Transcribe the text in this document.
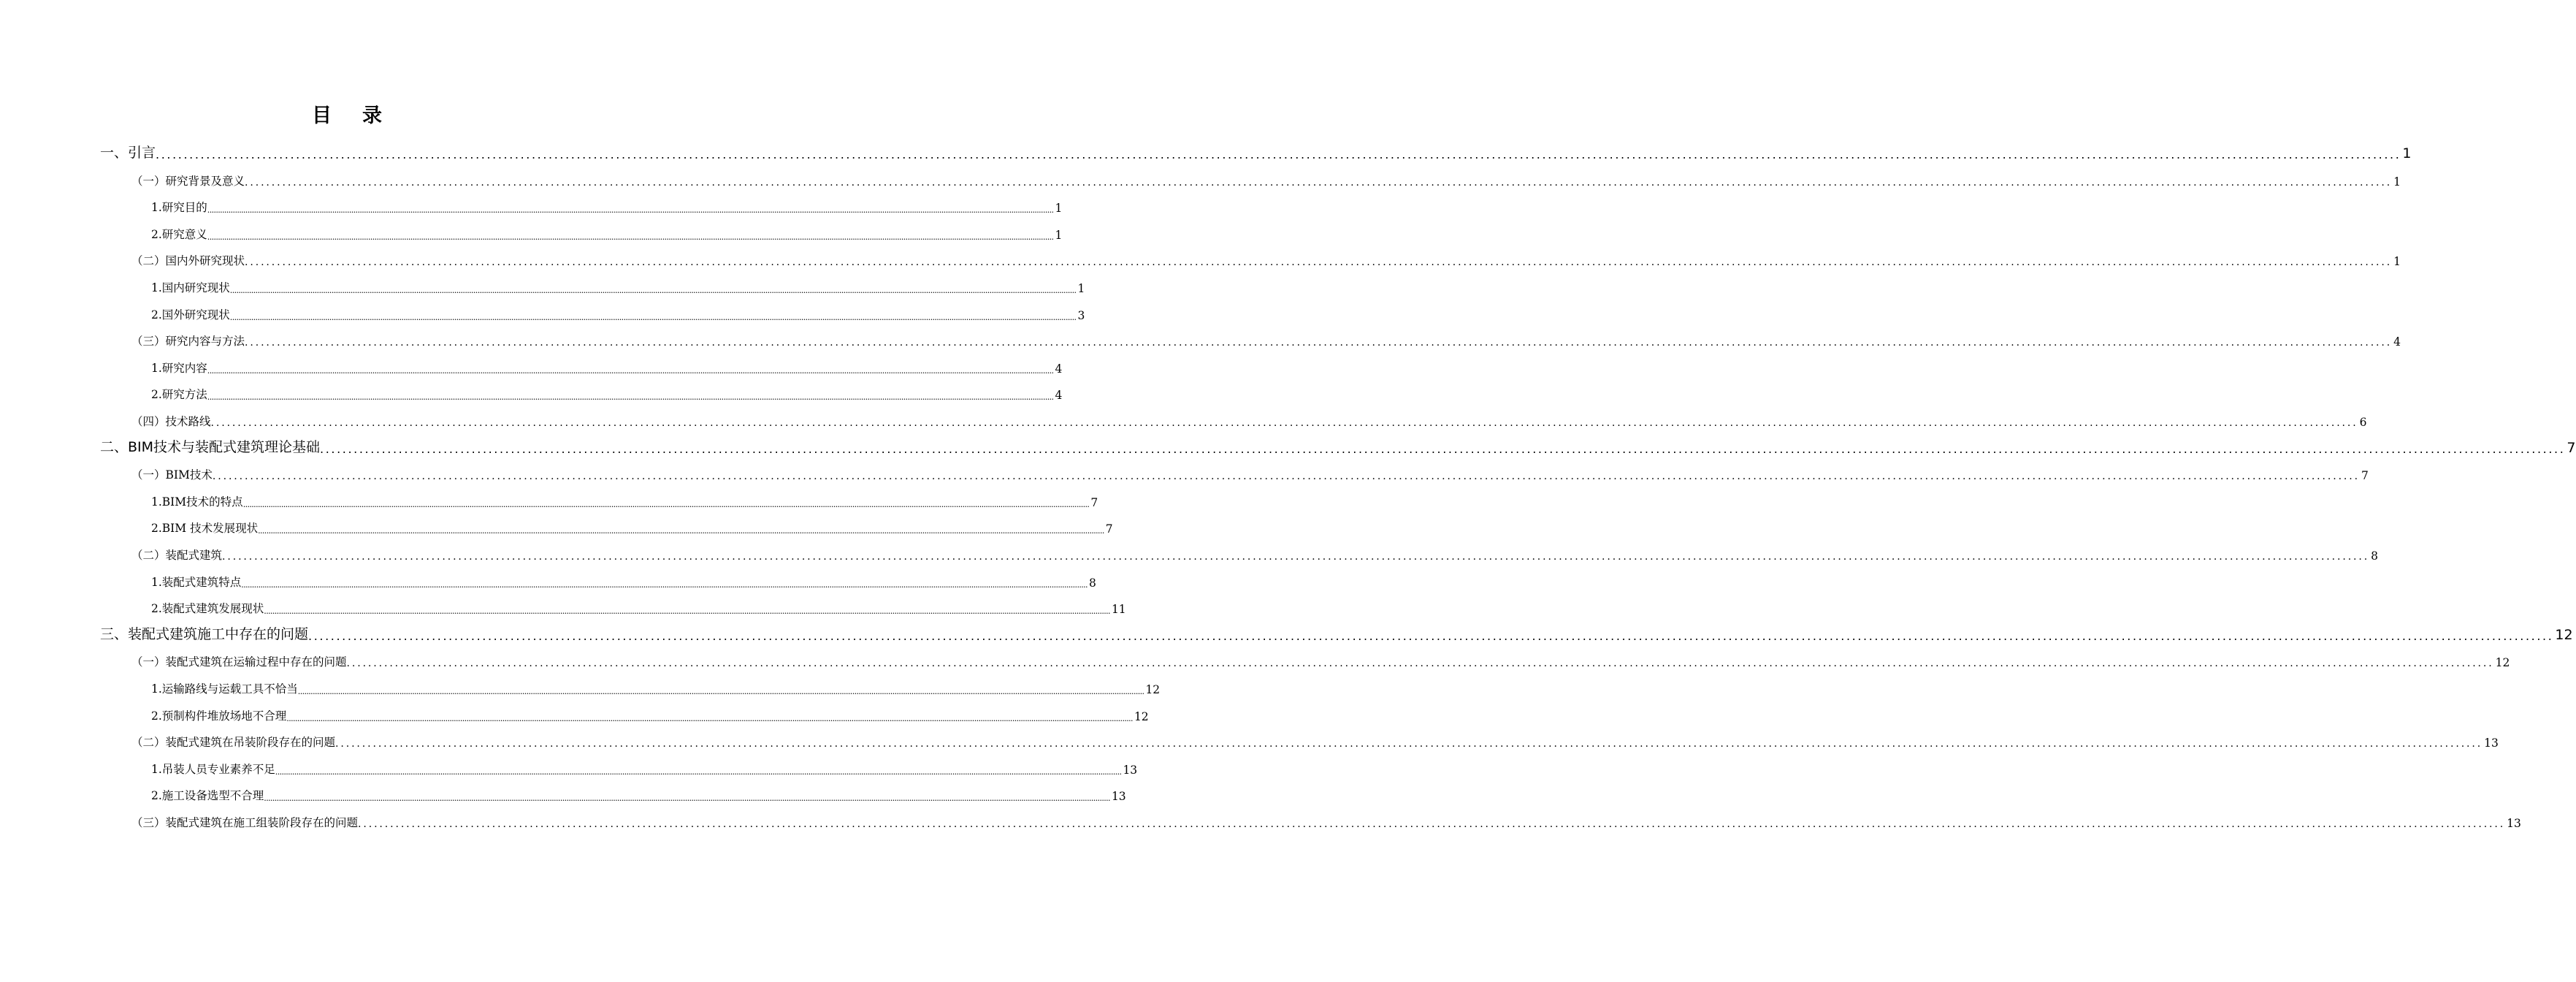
目录
一、引言 ................................................................................................................................................................................................................................................................................................................................................................................................................ 1
（一）研究背景及意义 ................................................................................................................................................................................................................................................................................................................................................................................................................ 1
1.研究目的 ................................................................................................................................................................................................................................................................................................................................................................................................................ 1
2.研究意义 ................................................................................................................................................................................................................................................................................................................................................................................................................ 1
（二）国内外研究现状 ................................................................................................................................................................................................................................................................................................................................................................................................................ 1
1.国内研究现状 ................................................................................................................................................................................................................................................................................................................................................................................................................ 1
2.国外研究现状 ................................................................................................................................................................................................................................................................................................................................................................................................................ 3
（三）研究内容与方法 ................................................................................................................................................................................................................................................................................................................................................................................................................ 4
1.研究内容 ................................................................................................................................................................................................................................................................................................................................................................................................................ 4
2.研究方法 ................................................................................................................................................................................................................................................................................................................................................................................................................ 4
（四）技术路线 ................................................................................................................................................................................................................................................................................................................................................................................................................ 6
二、BIM技术与装配式建筑理论基础 ................................................................................................................................................................................................................................................................................................................................................................................................................ 7
（一）BIM技术 ................................................................................................................................................................................................................................................................................................................................................................................................................ 7
1.BIM技术的特点 ................................................................................................................................................................................................................................................................................................................................................................................................................ 7
2.BIM 技术发展现状 ................................................................................................................................................................................................................................................................................................................................................................................................................ 7
（二）装配式建筑 ................................................................................................................................................................................................................................................................................................................................................................................................................ 8
1.装配式建筑特点 ................................................................................................................................................................................................................................................................................................................................................................................................................ 8
2.装配式建筑发展现状 ................................................................................................................................................................................................................................................................................................................................................................................................................ 11
三、装配式建筑施工中存在的问题 ................................................................................................................................................................................................................................................................................................................................................................................................................ 12
（一）装配式建筑在运输过程中存在的问题 ................................................................................................................................................................................................................................................................................................................................................................................................................ 12
1.运输路线与运载工具不恰当 ................................................................................................................................................................................................................................................................................................................................................................................................................ 12
2.预制构件堆放场地不合理 ................................................................................................................................................................................................................................................................................................................................................................................................................ 12
（二）装配式建筑在吊装阶段存在的问题 ................................................................................................................................................................................................................................................................................................................................................................................................................ 13
1.吊装人员专业素养不足 ................................................................................................................................................................................................................................................................................................................................................................................................................ 13
2.施工设备选型不合理 ................................................................................................................................................................................................................................................................................................................................................................................................................ 13
（三）装配式建筑在施工组装阶段存在的问题 ................................................................................................................................................................................................................................................................................................................................................................................................................ 13
